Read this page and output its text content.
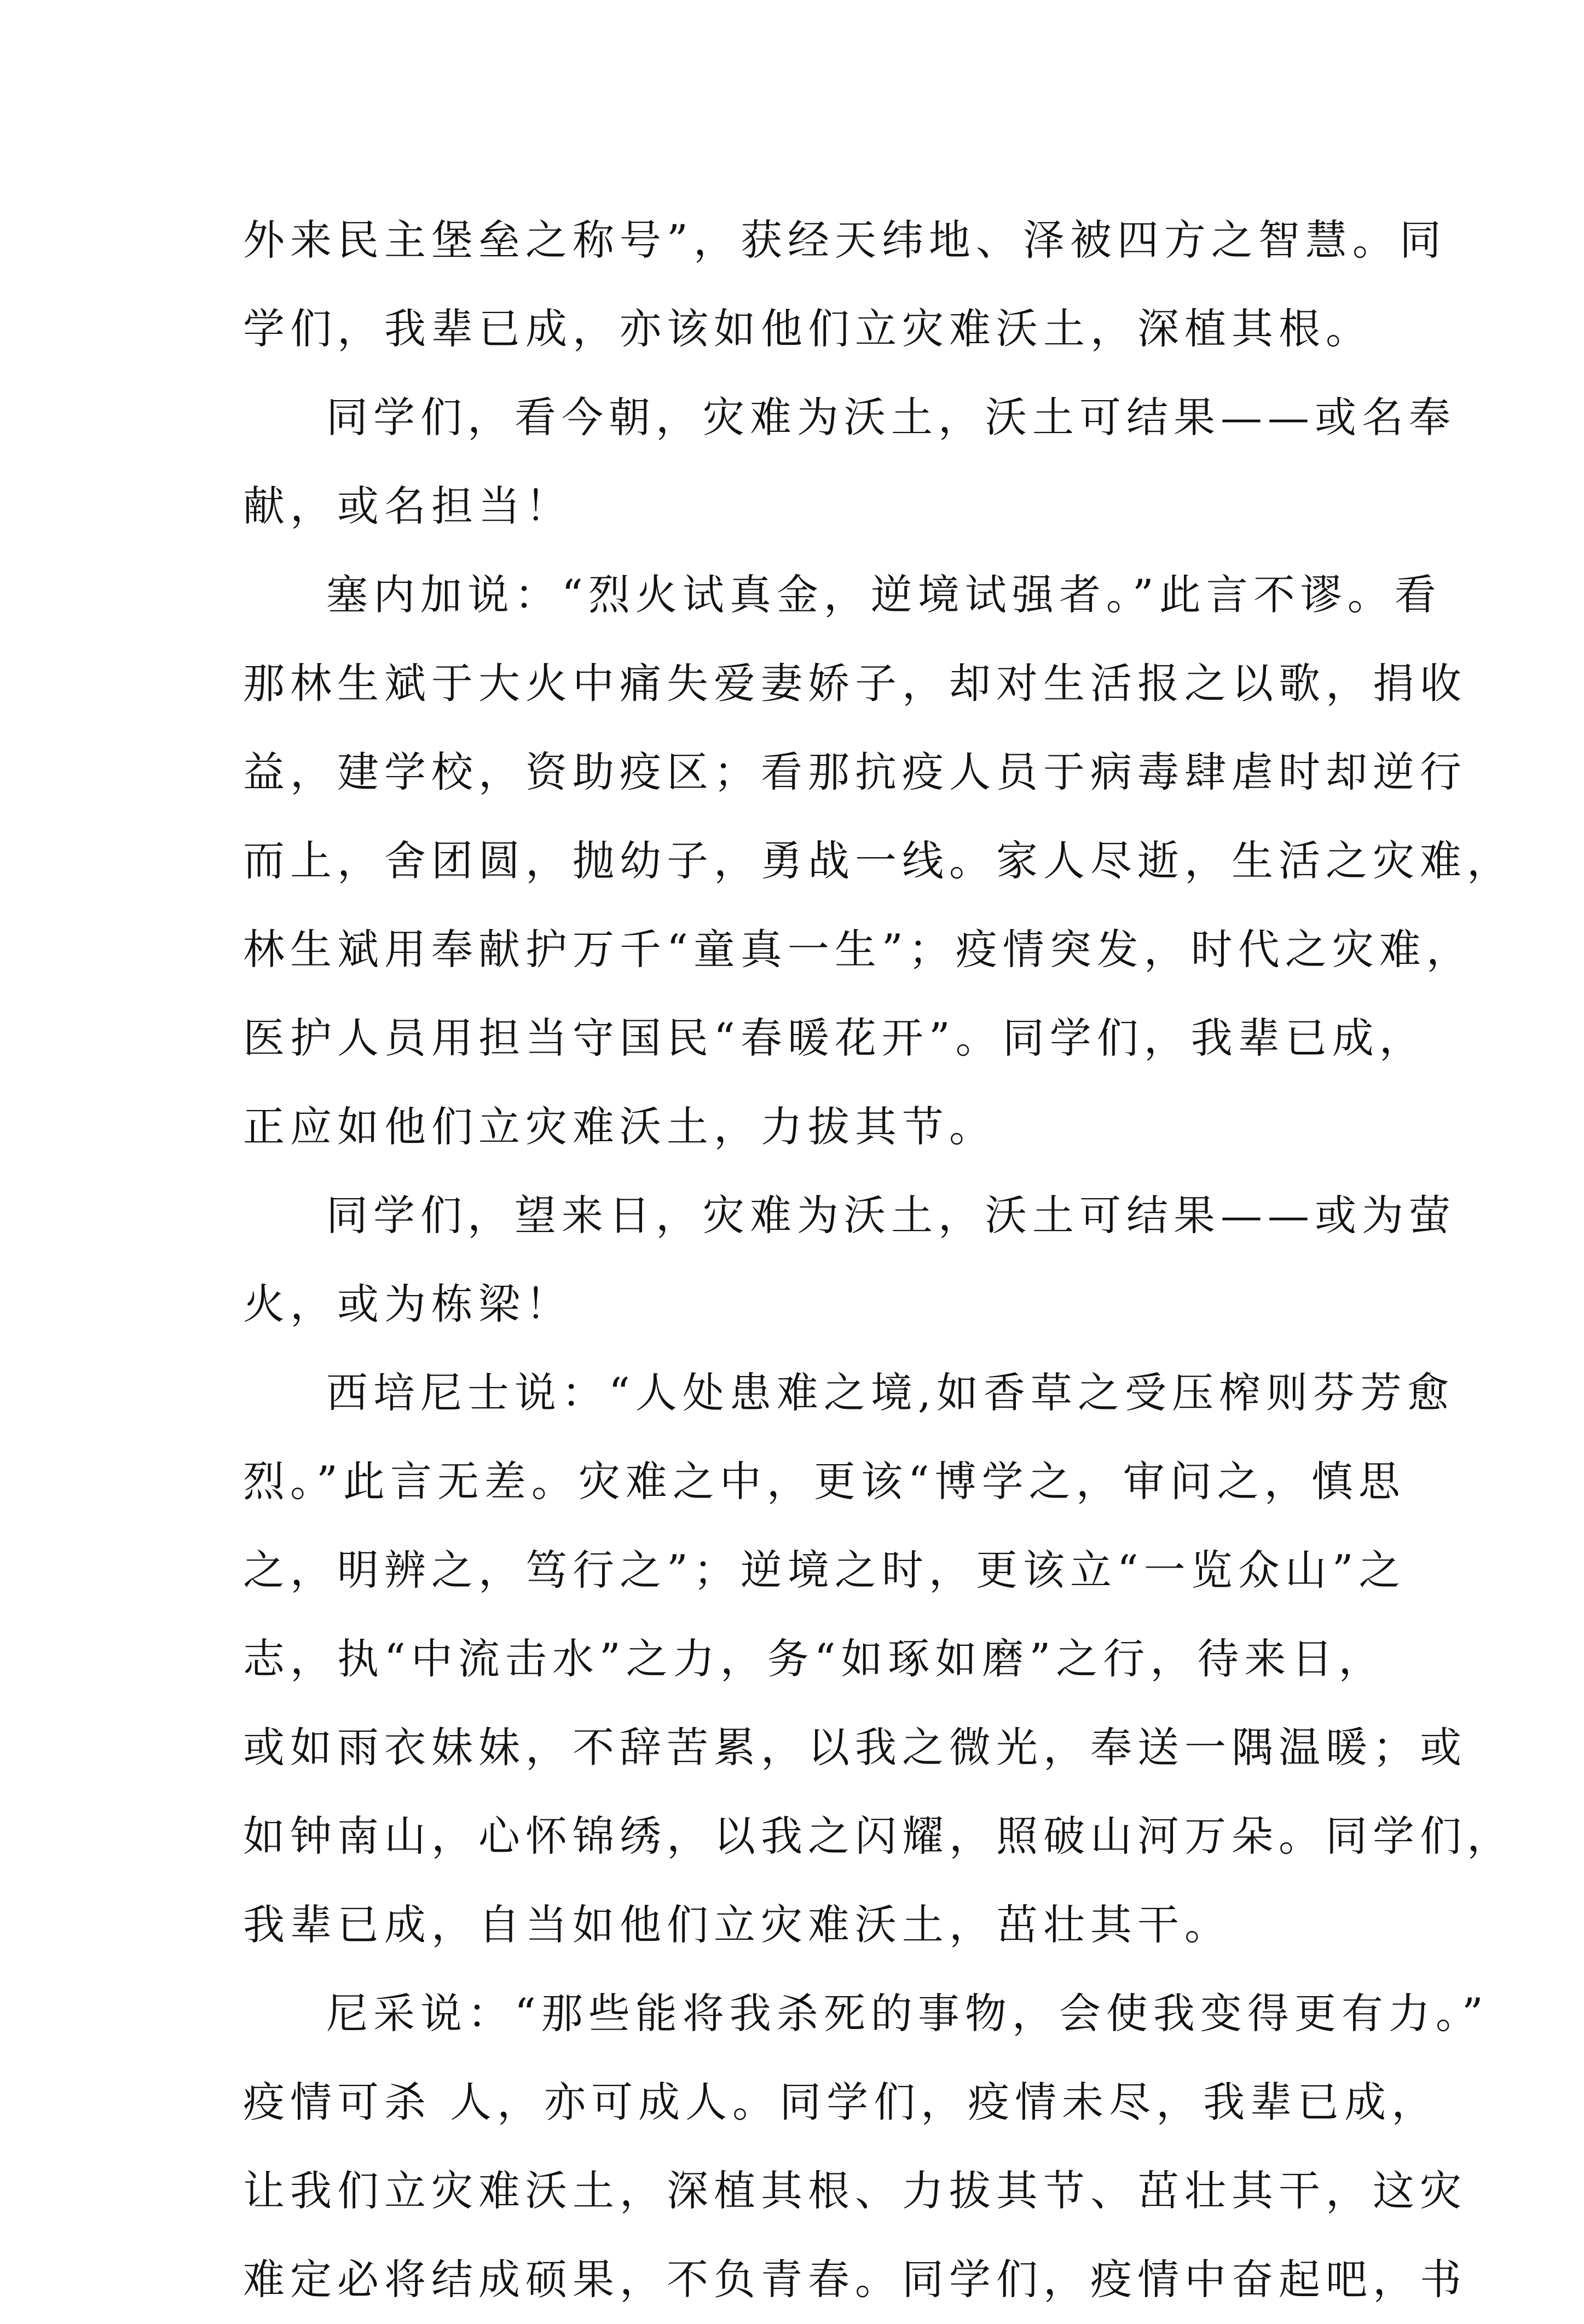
外来民主堡垒之称号”，获经天纬地、泽被四方之智慧。同
学们，我辈已成，亦该如他们立灾难沃土，深植其根。
同学们，看今朝，灾难为沃土，沃土可结果——或名奉
献，或名担当！
塞内加说：“烈火试真金，逆境试强者。”此言不谬。看
那林生斌于大火中痛失爱妻娇子，却对生活报之以歌，捐收
益，建学校，资助疫区；看那抗疫人员于病毒肆虐时却逆行
而上，舍团圆，抛幼子，勇战一线。家人尽逝，生活之灾难，
林生斌用奉献护万千“童真一生”；疫情突发，时代之灾难，
医护人员用担当守国民“春暖花开”。同学们，我辈已成，
正应如他们立灾难沃土，力拔其节。
同学们，望来日，灾难为沃土，沃土可结果——或为萤
火，或为栋梁！
西培尼士说：“人处患难之境,如香草之受压榨则芬芳愈
烈。”此言无差。灾难之中，更该“博学之，审问之，慎思
之，明辨之，笃行之”；逆境之时，更该立“一览众山”之
志，执“中流击水”之力，务“如琢如磨”之行，待来日，
或如雨衣妹妹，不辞苦累，以我之微光，奉送一隅温暖；或
如钟南山，心怀锦绣，以我之闪耀，照破山河万朵。同学们，
我辈已成，自当如他们立灾难沃土，茁壮其干。
尼采说：“那些能将我杀死的事物，会使我变得更有力。”
疫情可杀 人，亦可成人。同学们，疫情未尽，我辈已成，
让我们立灾难沃土，深植其根、力拔其节、茁壮其干，这灾
难定必将结成硕果，不负青春。同学们，疫情中奋起吧，书
